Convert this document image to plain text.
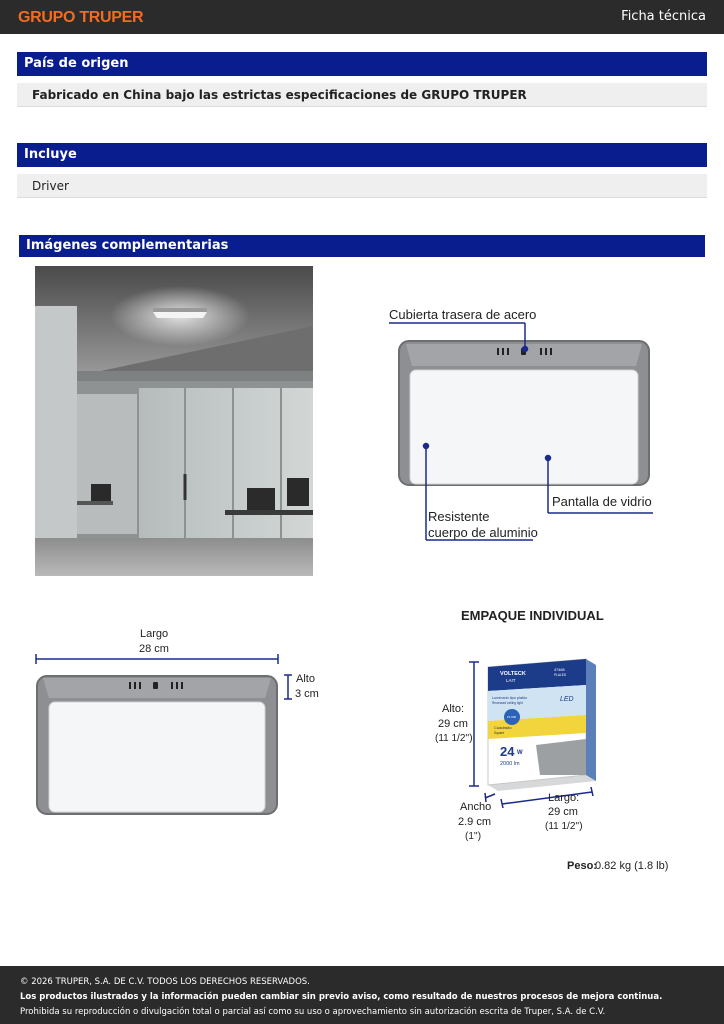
GRUPO TRUPER	Ficha técnica
País de origen
Fabricado en China bajo las estrictas especificaciones de GRUPO TRUPER
Incluye
Driver
Imágenes complementarias
Cubierta trasera de acero
Pantalla de vidrio
Resistente
cuerpo de aluminio
Largo
28 cm
Alto
3 cm
EMPAQUE INDIVIDUAL
VOLTECK
LAIT
47468
PLALED
LED
Luminario tipo plafón
Recessed ceiling light
15 000
Cuadrado
Square
24 W
2000 lm
Alto:
29 cm
(11 1/2'')
Ancho
2.9 cm
(1'')
Largo:
29 cm
(11 1/2'')
Peso:
0.82 kg (1.8 lb)
© 2026 TRUPER, S.A. DE C.V. TODOS LOS DERECHOS RESERVADOS.
Los productos ilustrados y la información pueden cambiar sin previo aviso, como resultado de nuestros procesos de mejora continua.
Prohibida su reproducción o divulgación total o parcial así como su uso o aprovechamiento sin autorización escrita de Truper, S.A. de C.V.
